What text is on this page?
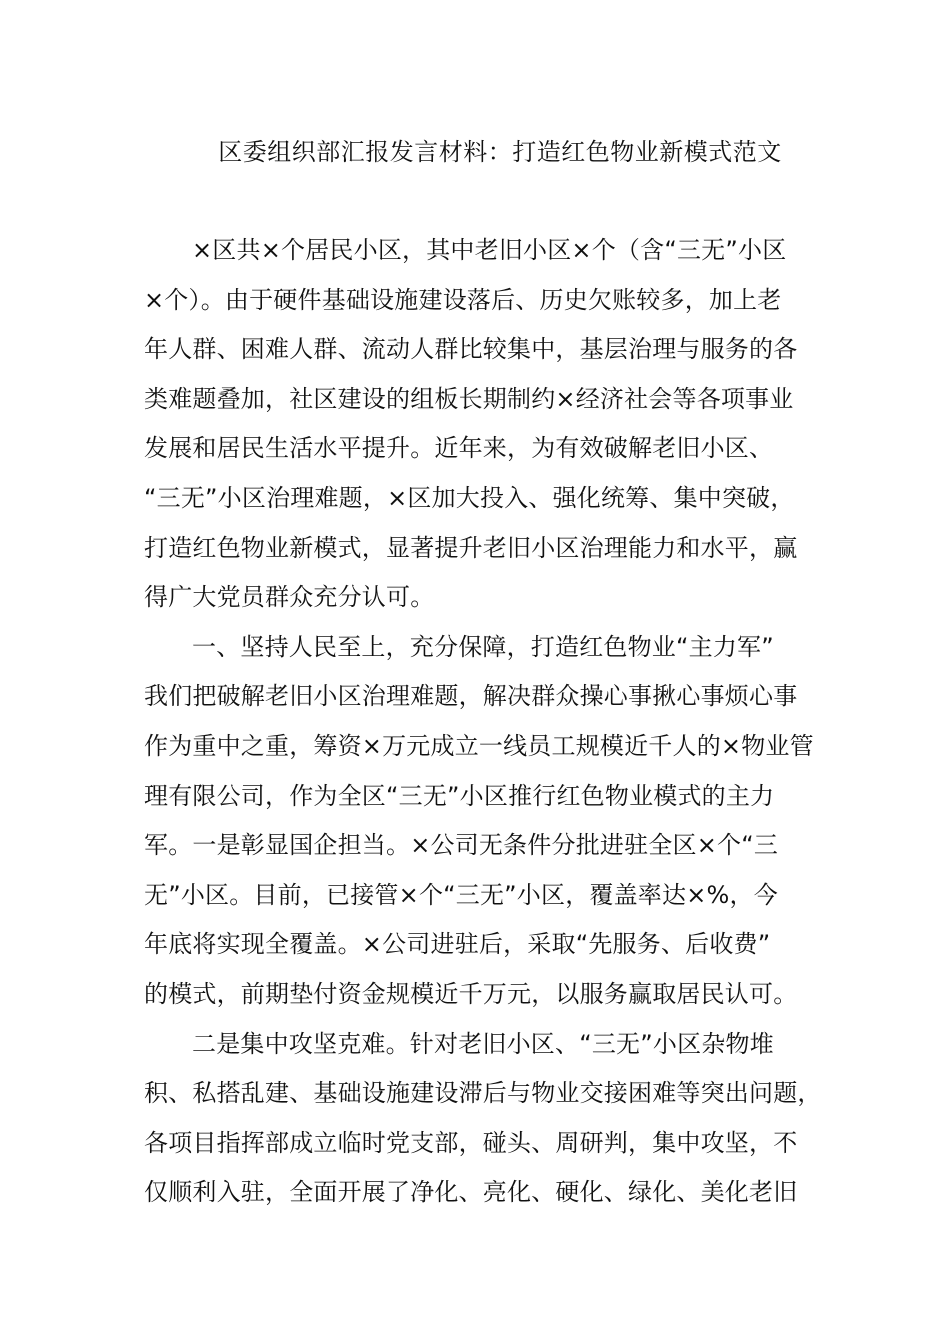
区委组织部汇报发言材料：打造红色物业新模式范文
×区共×个居民小区，其中老旧小区×个（含“三无”小区
×个）。由于硬件基础设施建设落后、历史欠账较多，加上老
年人群、困难人群、流动人群比较集中，基层治理与服务的各
类难题叠加，社区建设的组板长期制约×经济社会等各项事业
发展和居民生活水平提升。近年来，为有效破解老旧小区、
“三无”小区治理难题，×区加大投入、强化统筹、集中突破，
打造红色物业新模式，显著提升老旧小区治理能力和水平，赢
得广大党员群众充分认可。
一、坚持人民至上，充分保障，打造红色物业“主力军”
我们把破解老旧小区治理难题，解决群众操心事揪心事烦心事
作为重中之重，筹资×万元成立一线员工规模近千人的×物业管
理有限公司，作为全区“三无”小区推行红色物业模式的主力
军。一是彰显国企担当。×公司无条件分批进驻全区×个“三
无”小区。目前，已接管×个“三无”小区，覆盖率达×%，今
年底将实现全覆盖。×公司进驻后，采取“先服务、后收费”
的模式，前期垫付资金规模近千万元，以服务赢取居民认可。
二是集中攻坚克难。针对老旧小区、“三无”小区杂物堆
积、私搭乱建、基础设施建设滞后与物业交接困难等突出问题，
各项目指挥部成立临时党支部，碰头、周研判，集中攻坚，不
仅顺利入驻，全面开展了净化、亮化、硬化、绿化、美化老旧
